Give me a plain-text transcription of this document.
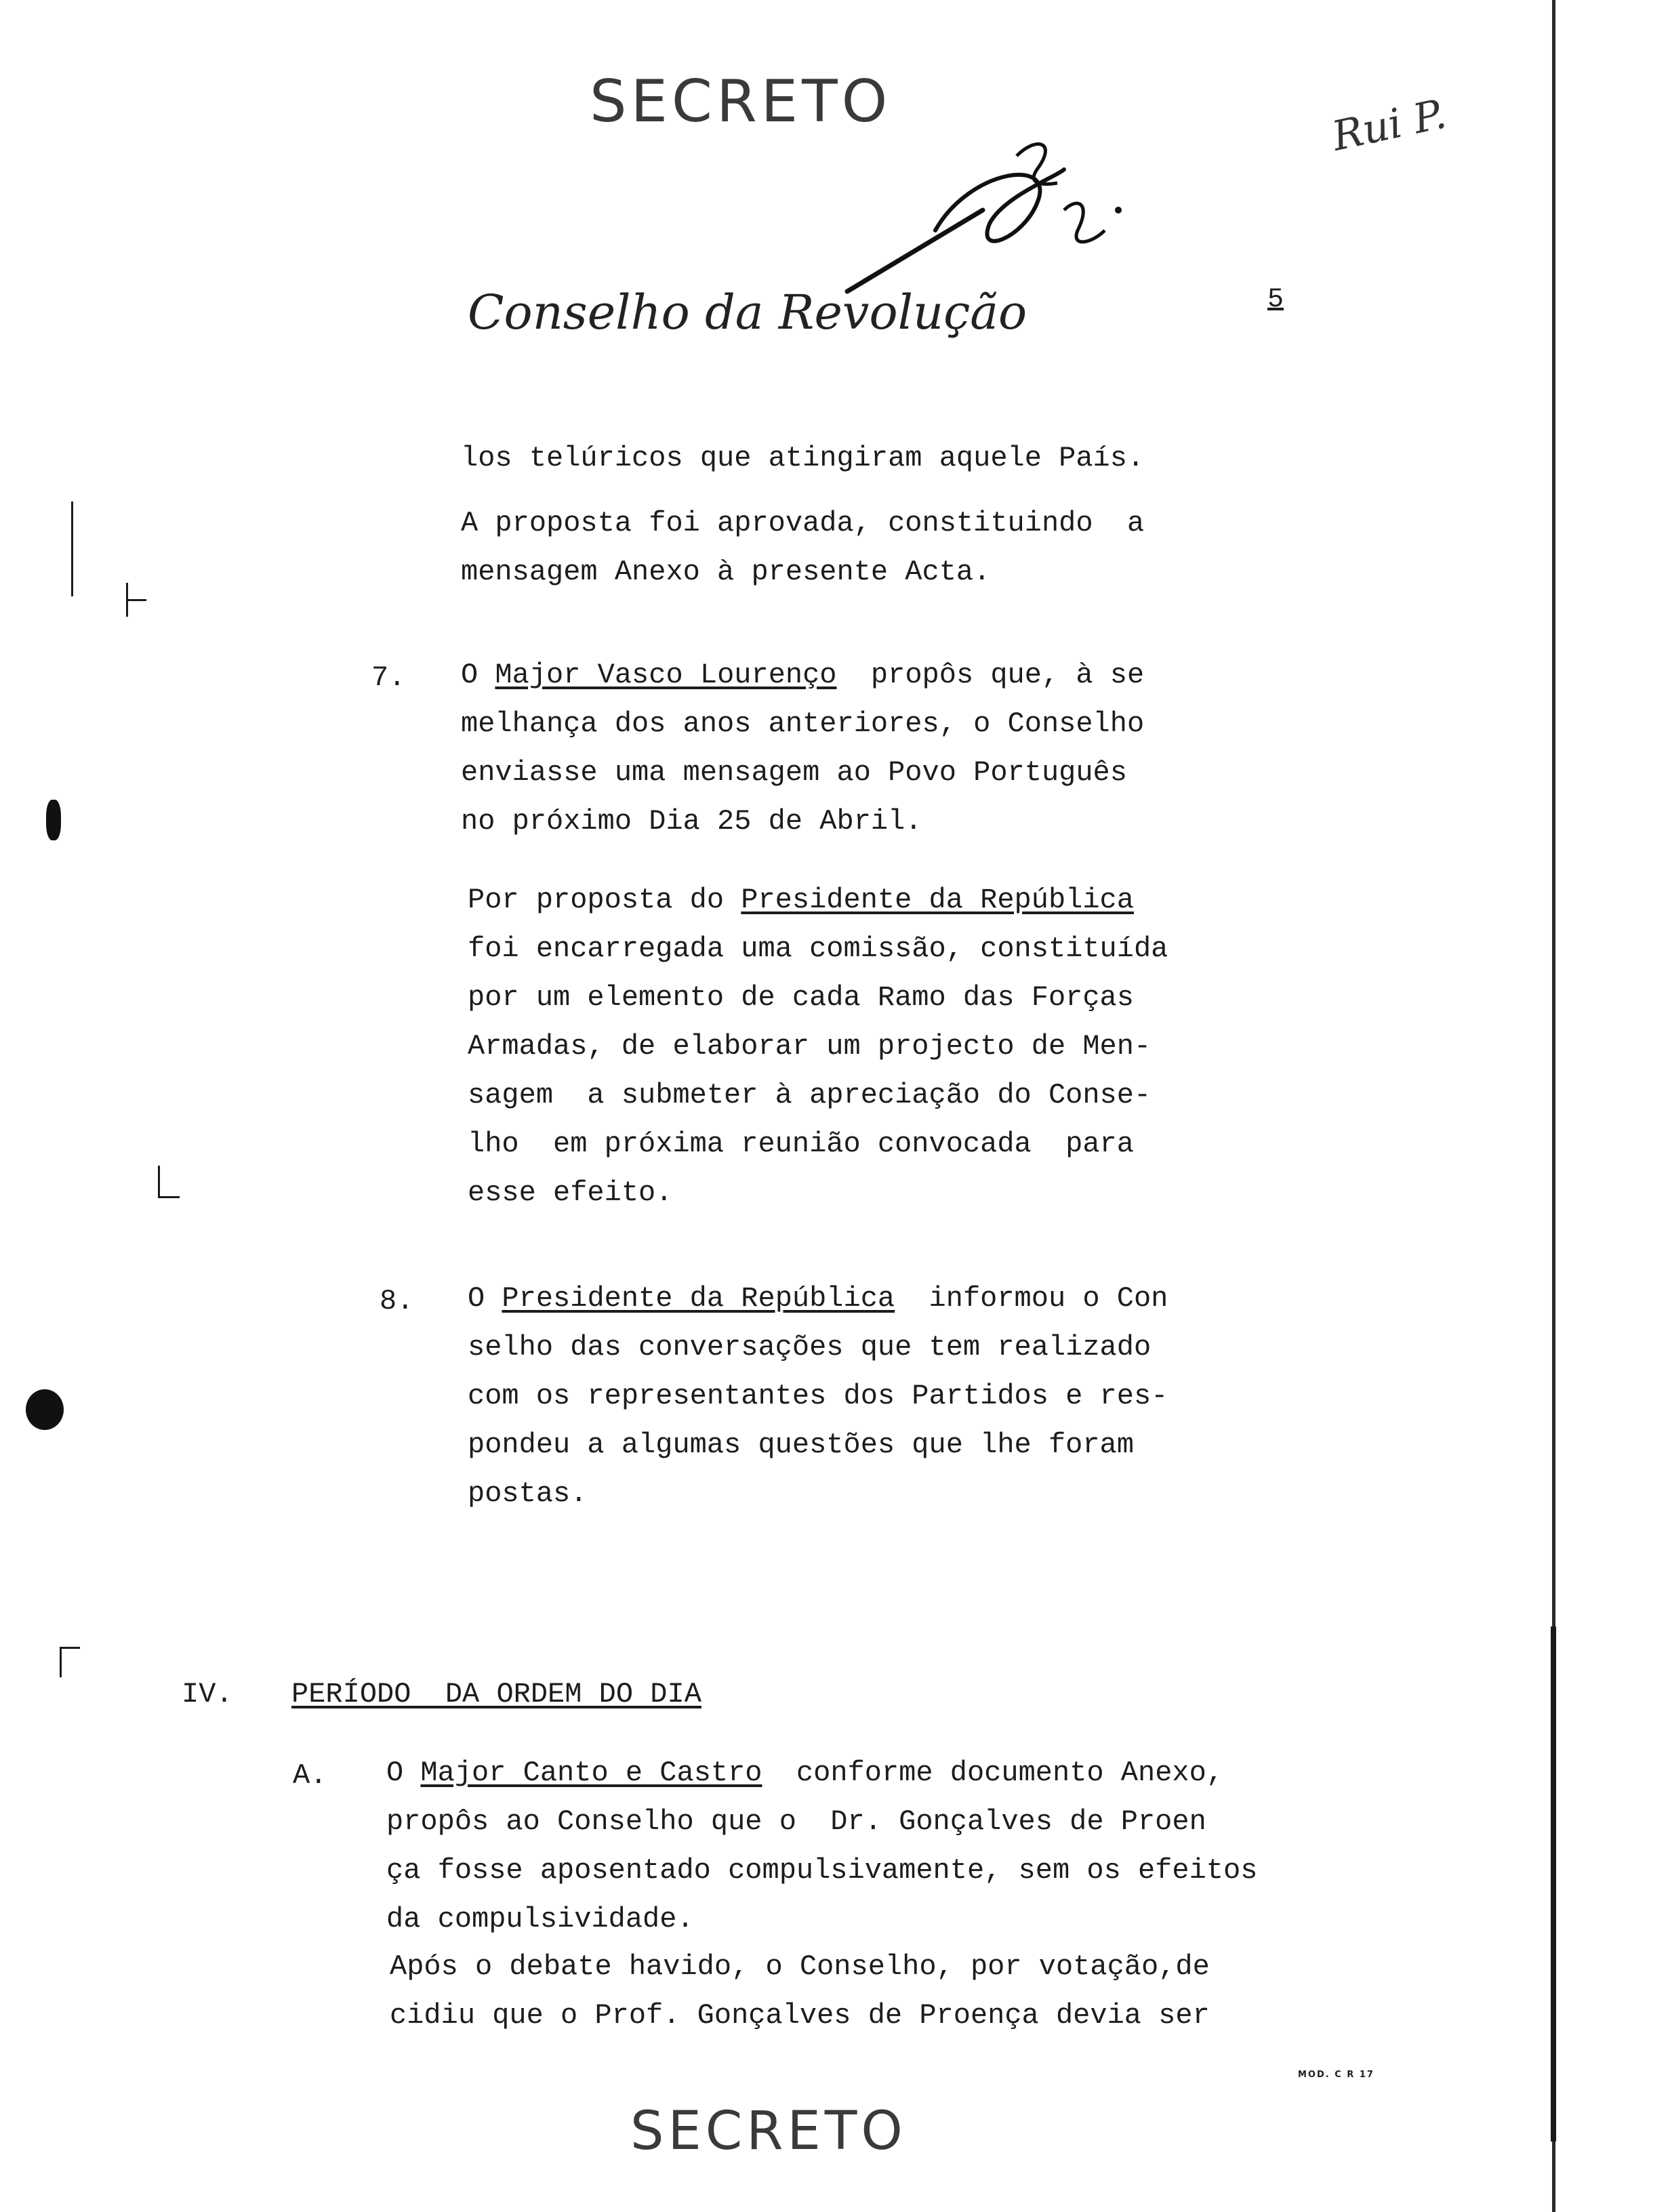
SECRETO	Rui P.
Conselho da Revolução	5
los telúricos que atingiram aquele País.
A proposta foi aprovada, constituindo  a
mensagem Anexo à presente Acta.
7. O Major Vasco Lourenço  propôs que, à se
melhança dos anos anteriores, o Conselho
enviasse uma mensagem ao Povo Português
no próximo Dia 25 de Abril.
Por proposta do Presidente da República
foi encarregada uma comissão, constituída
por um elemento de cada Ramo das Forças
Armadas, de elaborar um projecto de Men-
sagem  a submeter à apreciação do Conse-
lho  em próxima reunião convocada  para
esse efeito.
8. O Presidente da República  informou o Con
selho das conversações que tem realizado
com os representantes dos Partidos e res-
pondeu a algumas questões que lhe foram
postas.
IV. PERÍODO  DA ORDEM DO DIA
A. O Major Canto e Castro  conforme documento Anexo,
propôs ao Conselho que o  Dr. Gonçalves de Proen
ça fosse aposentado compulsivamente, sem os efeitos
da compulsividade.
Após o debate havido, o Conselho, por votação,de
cidiu que o Prof. Gonçalves de Proença devia ser
MOD. C R 17
SECRETO
